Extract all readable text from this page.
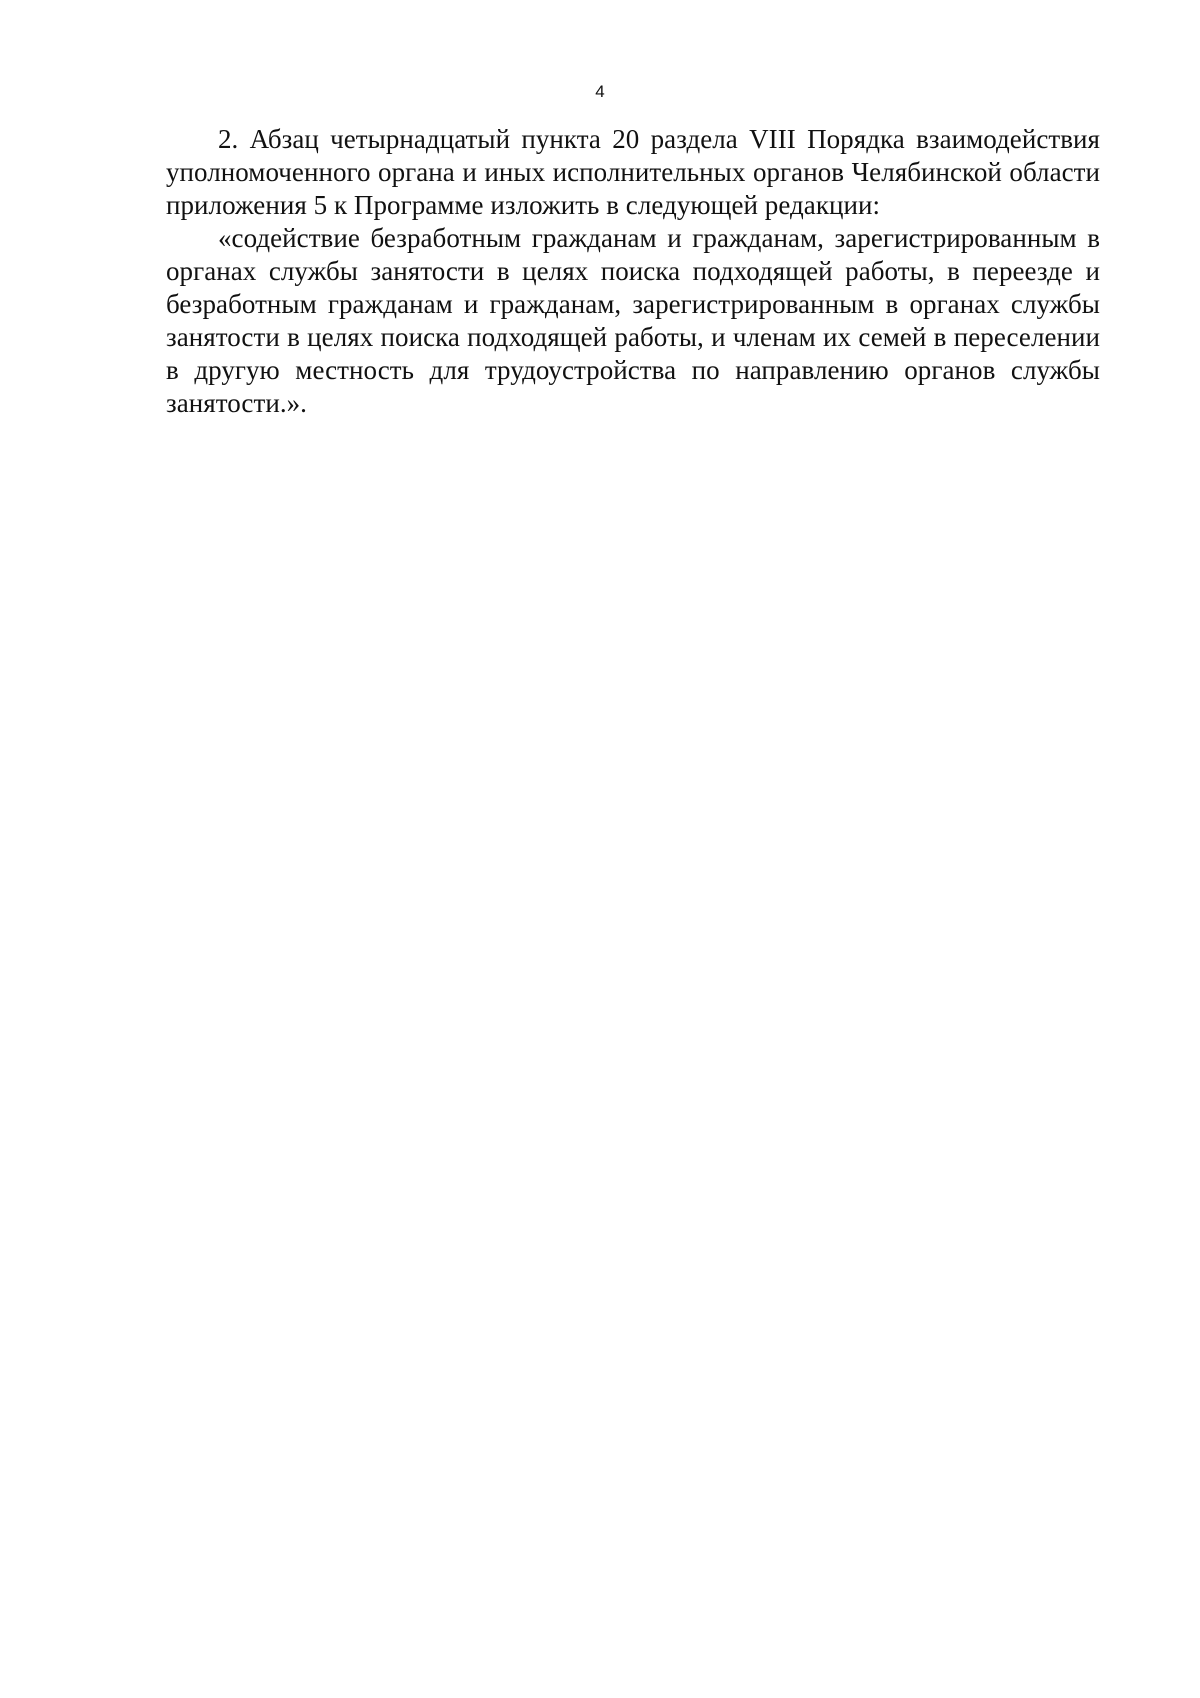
4

2. Абзац четырнадцатый пункта 20 раздела VIII Порядка взаимодействия уполномоченного органа и иных исполнительных органов Челябинской области приложения 5 к Программе изложить в следующей редакции:

«содействие безработным гражданам и гражданам, зарегистрированным в органах службы занятости в целях поиска подходящей работы, в переезде и безработным гражданам и гражданам, зарегистрированным в органах службы занятости в целях поиска подходящей работы, и членам их семей в переселении в другую местность для трудоустройства по направлению органов службы занятости.».
